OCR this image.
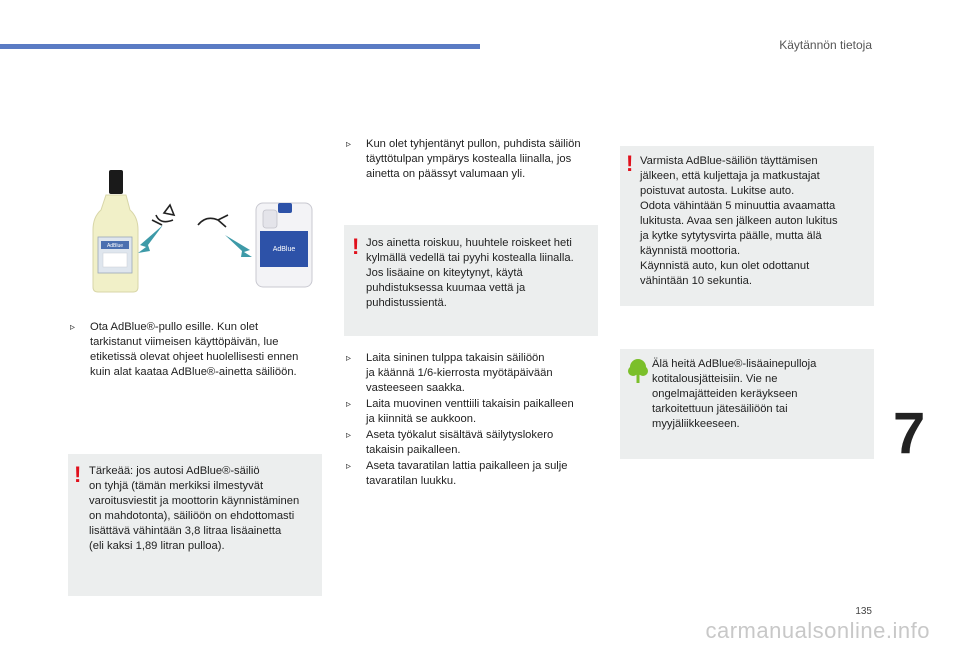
Käytännön tietoja
AdBlue	AdBlue
▹ Ota AdBlue®-pullo esille. Kun olet
tarkistanut viimeisen käyttöpäivän, lue
etiketissä olevat ohjeet huolellisesti ennen
kuin alat kaataa AdBlue®-ainetta säiliöön.
! Tärkeää: jos autosi AdBlue®-säiliö
on tyhjä (tämän merkiksi ilmestyvät
varoitusviestit ja moottorin käynnistäminen
on mahdotonta), säiliöön on ehdottomasti
lisättävä vähintään 3,8 litraa lisäainetta
(eli kaksi 1,89 litran pulloa).
▹ Kun olet tyhjentänyt pullon, puhdista säiliön
täyttötulpan ympärys kostealla liinalla, jos
ainetta on päässyt valumaan yli.
! Jos ainetta roiskuu, huuhtele roiskeet heti
kylmällä vedellä tai pyyhi kostealla liinalla.
Jos lisäaine on kiteytynyt, käytä
puhdistuksessa kuumaa vettä ja
puhdistussientä.
▹ Laita sininen tulppa takaisin säiliöön
ja käännä 1/6-kierrosta myötäpäivään
vasteeseen saakka.
▹ Laita muovinen venttiili takaisin paikalleen
ja kiinnitä se aukkoon.
▹ Aseta työkalut sisältävä säilytyslokero
takaisin paikalleen.
▹ Aseta tavaratilan lattia paikalleen ja sulje
tavaratilan luukku.
! Varmista AdBlue-säiliön täyttämisen
jälkeen, että kuljettaja ja matkustajat
poistuvat autosta. Lukitse auto.
Odota vähintään 5 minuuttia avaamatta
lukitusta. Avaa sen jälkeen auton lukitus
ja kytke sytytysvirta päälle, mutta älä
käynnistä moottoria.
Käynnistä auto, kun olet odottanut
vähintään 10 sekuntia.
Älä heitä AdBlue®-lisäainepulloja
kotitalousjätteisiin. Vie ne
ongelmajätteiden keräykseen
tarkoitettuun jätesäiliöön tai
myyjäliikkeeseen.	7
135
carmanualsonline.info
